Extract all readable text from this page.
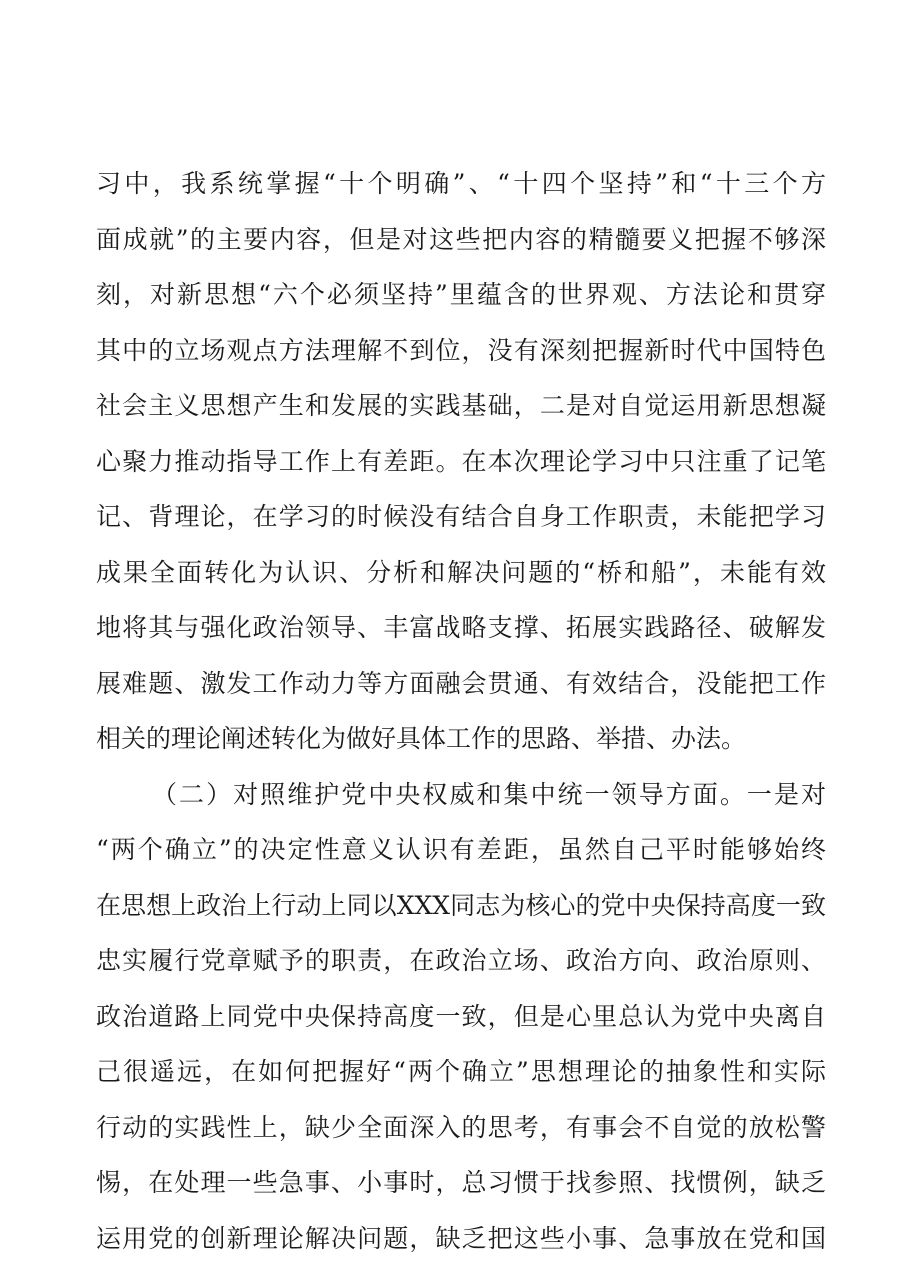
习中，我系统掌握“十个明确”、“十四个坚持”和“十三个方
面成就”的主要内容，但是对这些把内容的精髓要义把握不够深
刻，对新思想“六个必须坚持”里蕴含的世界观、方法论和贯穿
其中的立场观点方法理解不到位，没有深刻把握新时代中国特色
社会主义思想产生和发展的实践基础，二是对自觉运用新思想凝
心聚力推动指导工作上有差距。在本次理论学习中只注重了记笔
记、背理论，在学习的时候没有结合自身工作职责，未能把学习
成果全面转化为认识、分析和解决问题的“桥和船”，未能有效
地将其与强化政治领导、丰富战略支撑、拓展实践路径、破解发
展难题、激发工作动力等方面融会贯通、有效结合，没能把工作
相关的理论阐述转化为做好具体工作的思路、举措、办法。
（二）对照维护党中央权威和集中统一领导方面。一是对
“两个确立”的决定性意义认识有差距，虽然自己平时能够始终
在思想上政治上行动上同以XXX同志为核心的党中央保持高度一致
忠实履行党章赋予的职责，在政治立场、政治方向、政治原则、
政治道路上同党中央保持高度一致，但是心里总认为党中央离自
己很遥远，在如何把握好“两个确立”思想理论的抽象性和实际
行动的实践性上，缺少全面深入的思考，有事会不自觉的放松警
惕，在处理一些急事、小事时，总习惯于找参照、找惯例，缺乏
运用党的创新理论解决问题，缺乏把这些小事、急事放在党和国
